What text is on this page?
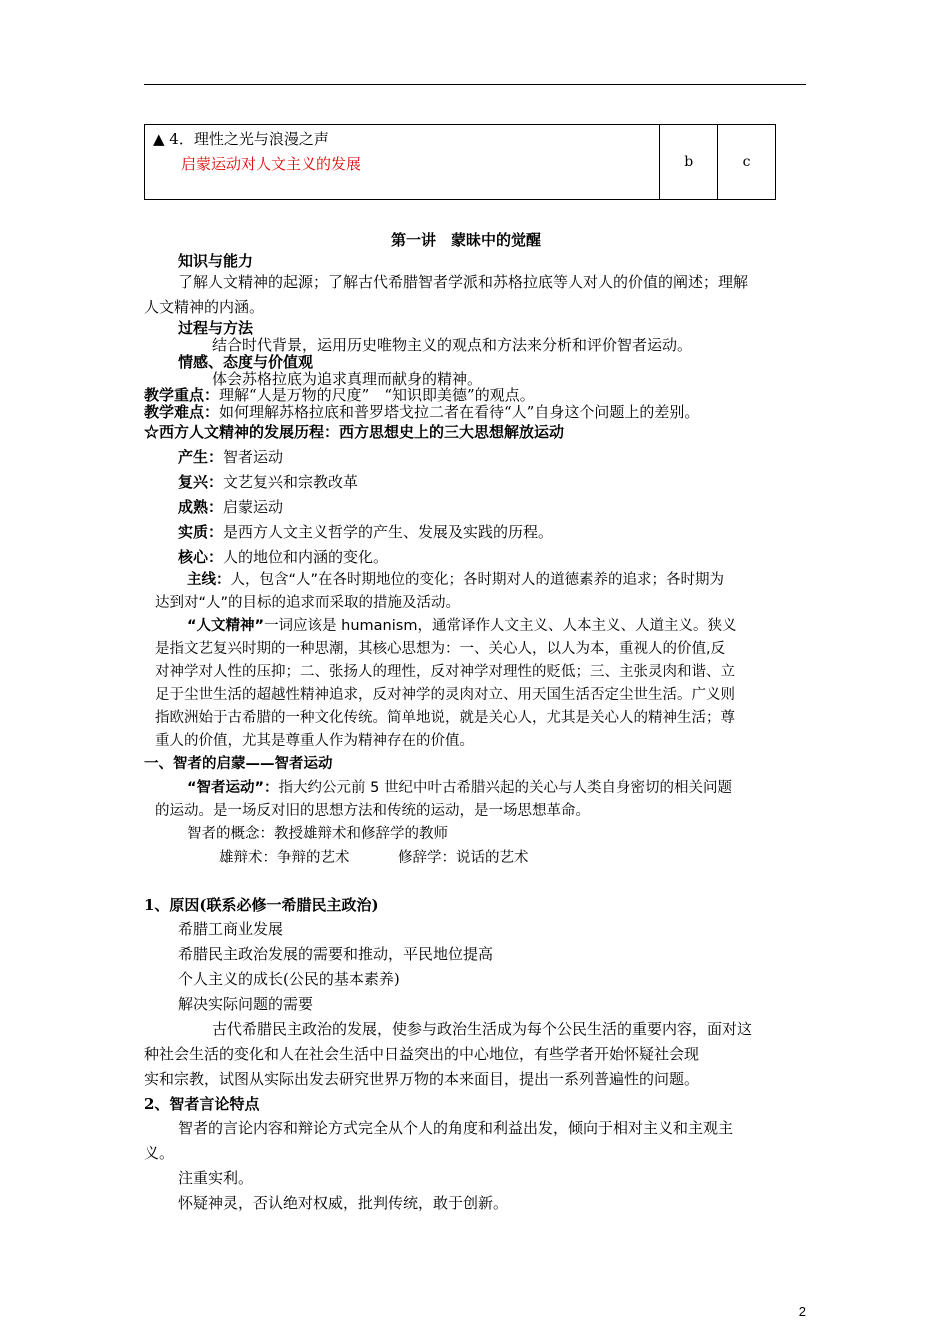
▲ 4．理性之光与浪漫之声
启蒙运动对人文主义的发展	b	c
第一讲　蒙昧中的觉醒
知识与能力
了解人文精神的起源；了解古代希腊智者学派和苏格拉底等人对人的价值的阐述；理解
人文精神的内涵。
过程与方法
结合时代背景，运用历史唯物主义的观点和方法来分析和评价智者运动。
情感、态度与价值观
体会苏格拉底为追求真理而献身的精神。
教学重点：理解“人是万物的尺度”　“知识即美德”的观点。
教学难点：如何理解苏格拉底和普罗塔戈拉二者在看待“人”自身这个问题上的差别。
☆西方人文精神的发展历程：西方思想史上的三大思想解放运动
产生：智者运动
复兴：文艺复兴和宗教改革
成熟：启蒙运动
实质：是西方人文主义哲学的产生、发展及实践的历程。
核心：人的地位和内涵的变化。
主线：人，包含“人”在各时期地位的变化；各时期对人的道德素养的追求；各时期为
达到对“人”的目标的追求而采取的措施及活动。
“人文精神”一词应该是 humanism，通常译作人文主义、人本主义、人道主义。狭义
是指文艺复兴时期的一种思潮，其核心思想为：一、关心人，以人为本，重视人的价值,反
对神学对人性的压抑；二、张扬人的理性，反对神学对理性的贬低；三、主张灵肉和谐、立
足于尘世生活的超越性精神追求，反对神学的灵肉对立、用天国生活否定尘世生活。广义则
指欧洲始于古希腊的一种文化传统。简单地说，就是关心人，尤其是关心人的精神生活；尊
重人的价值，尤其是尊重人作为精神存在的价值。
一、智者的启蒙——智者运动
“智者运动”：指大约公元前 5 世纪中叶古希腊兴起的关心与人类自身密切的相关问题
的运动。是一场反对旧的思想方法和传统的运动，是一场思想革命。
智者的概念：教授雄辩术和修辞学的教师
雄辩术：争辩的艺术	修辞学：说话的艺术
1、原因(联系必修一希腊民主政治)
希腊工商业发展
希腊民主政治发展的需要和推动，平民地位提高
个人主义的成长(公民的基本素养)
解决实际问题的需要
古代希腊民主政治的发展，使参与政治生活成为每个公民生活的重要内容，面对这
种社会生活的变化和人在社会生活中日益突出的中心地位，有些学者开始怀疑社会现
实和宗教，试图从实际出发去研究世界万物的本来面目，提出一系列普遍性的问题。
2、智者言论特点
智者的言论内容和辩论方式完全从个人的角度和利益出发，倾向于相对主义和主观主
义。
注重实利。
怀疑神灵，否认绝对权威，批判传统，敢于创新。
2
